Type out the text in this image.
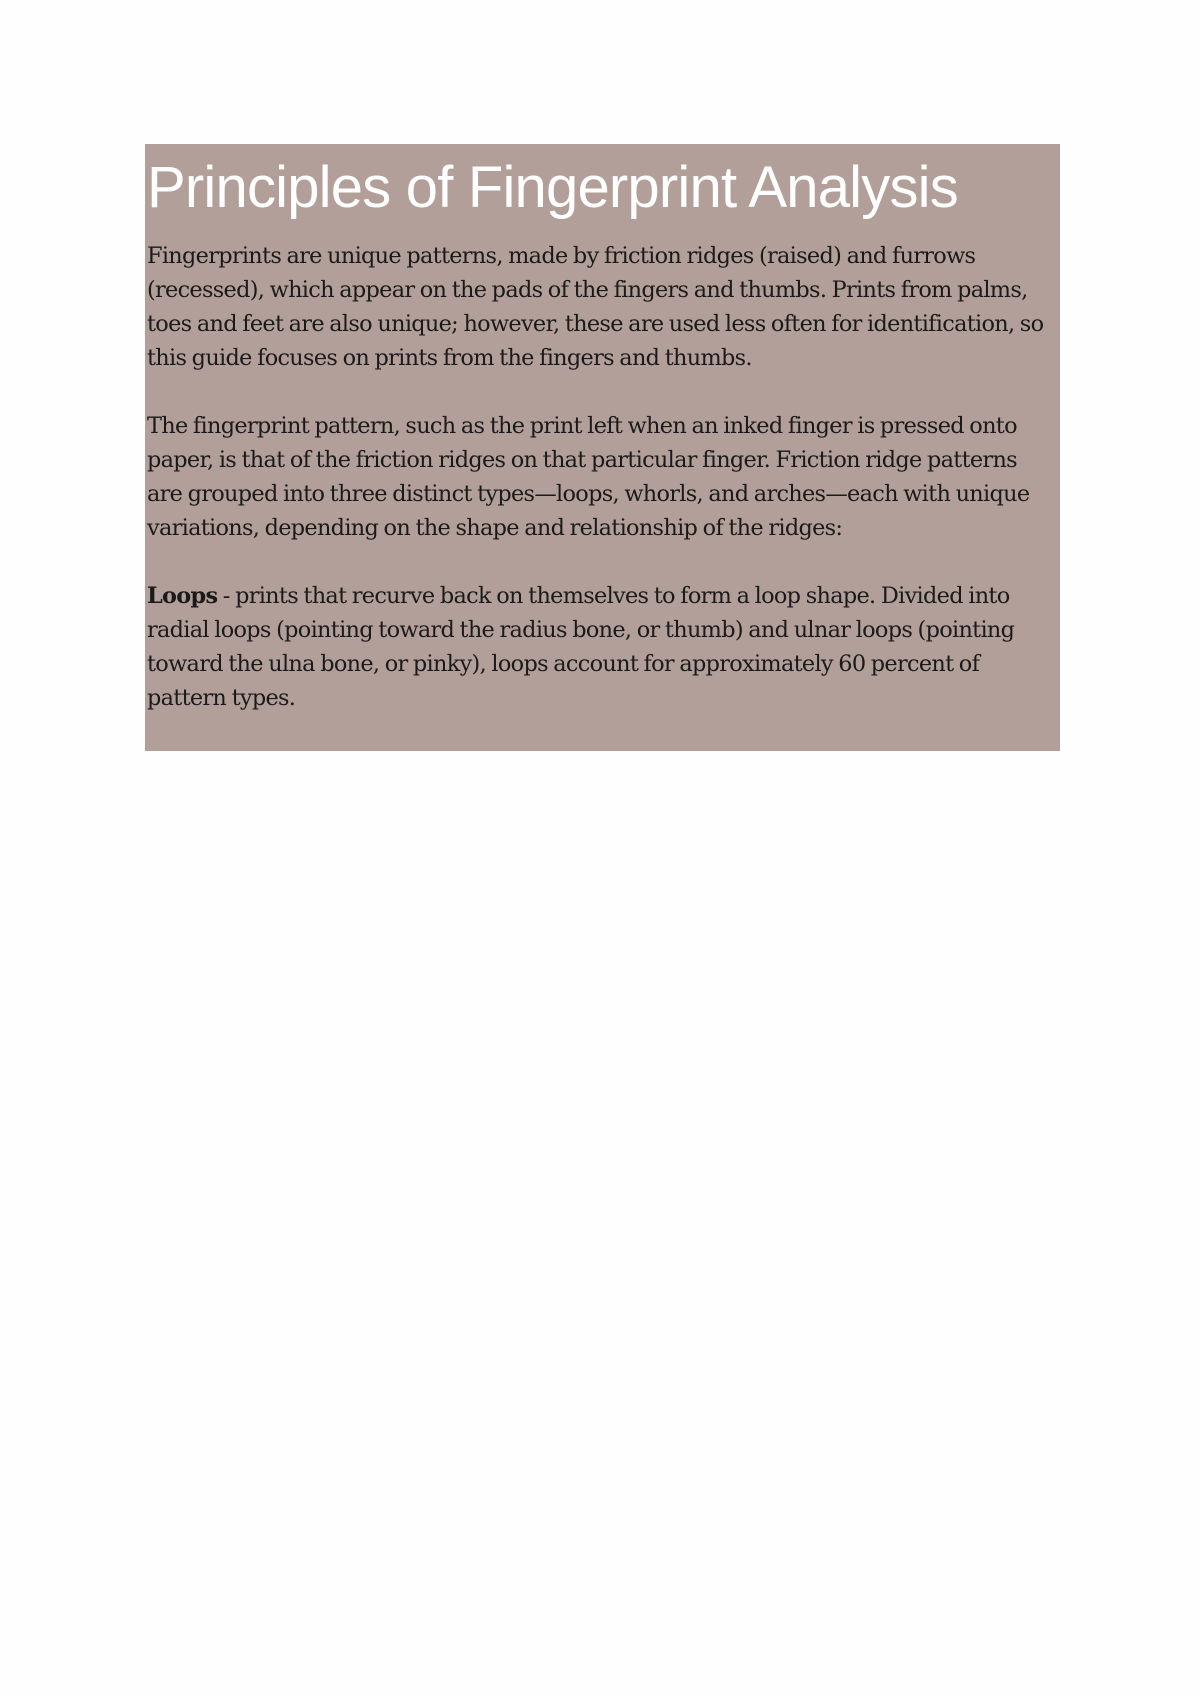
Principles of Fingerprint Analysis

Fingerprints are unique patterns, made by friction ridges (raised) and furrows (recessed), which appear on the pads of the fingers and thumbs. Prints from palms, toes and feet are also unique; however, these are used less often for identification, so this guide focuses on prints from the fingers and thumbs.

The fingerprint pattern, such as the print left when an inked finger is pressed onto paper, is that of the friction ridges on that particular finger. Friction ridge patterns are grouped into three distinct types—loops, whorls, and arches—each with unique variations, depending on the shape and relationship of the ridges:

Loops - prints that recurve back on themselves to form a loop shape. Divided into radial loops (pointing toward the radius bone, or thumb) and ulnar loops (pointing toward the ulna bone, or pinky), loops account for approximately 60 percent of pattern types.
